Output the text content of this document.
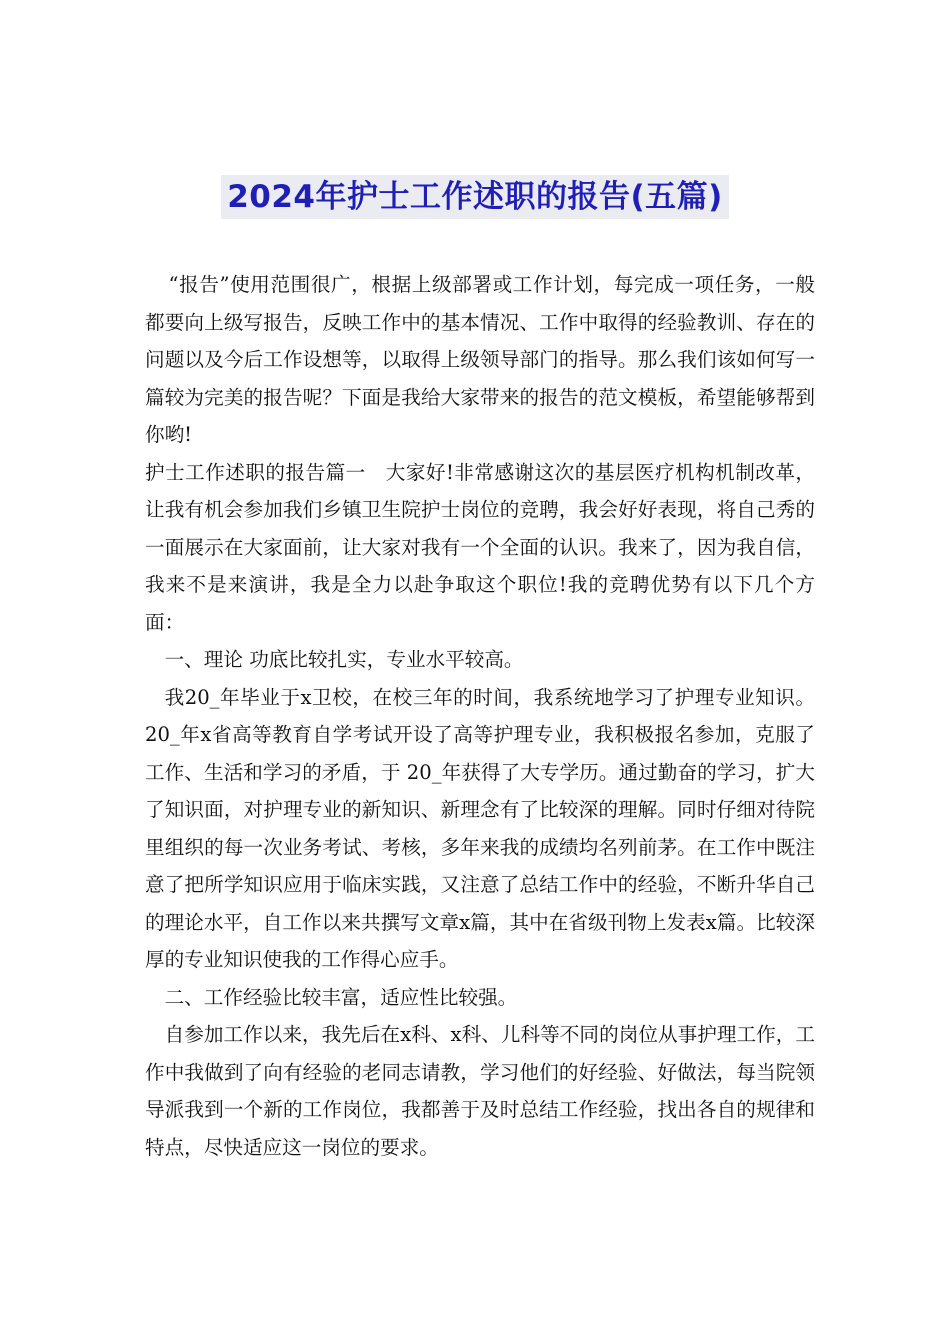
2024年护士工作述职的报告(五篇)

“报告”使用范围很广，根据上级部署或工作计划，每完成一项任务，一般都要向上级写报告，反映工作中的基本情况、工作中取得的经验教训、存在的问题以及今后工作设想等，以取得上级领导部门的指导。那么我们该如何写一篇较为完美的报告呢？下面是我给大家带来的报告的范文模板，希望能够帮到你哟!

护士工作述职的报告篇一　大家好!非常感谢这次的基层医疗机构机制改革，让我有机会参加我们乡镇卫生院护士岗位的竞聘，我会好好表现，将自己秀的一面展示在大家面前，让大家对我有一个全面的认识。我来了，因为我自信，我来不是来演讲，我是全力以赴争取这个职位!我的竞聘优势有以下几个方面：

一、理论 功底比较扎实，专业水平较高。

我20_年毕业于x卫校，在校三年的时间，我系统地学习了护理专业知识。20_年x省高等教育自学考试开设了高等护理专业，我积极报名参加，克服了工作、生活和学习的矛盾，于 20_年获得了大专学历。通过勤奋的学习，扩大了知识面，对护理专业的新知识、新理念有了比较深的理解。同时仔细对待院里组织的每一次业务考试、考核，多年来我的成绩均名列前茅。在工作中既注意了把所学知识应用于临床实践，又注意了总结工作中的经验，不断升华自己的理论水平，自工作以来共撰写文章x篇，其中在省级刊物上发表x篇。比较深厚的专业知识使我的工作得心应手。

二、工作经验比较丰富，适应性比较强。

自参加工作以来，我先后在x科、x科、儿科等不同的岗位从事护理工作，工作中我做到了向有经验的老同志请教，学习他们的好经验、好做法，每当院领导派我到一个新的工作岗位，我都善于及时总结工作经验，找出各自的规律和特点，尽快适应这一岗位的要求。
